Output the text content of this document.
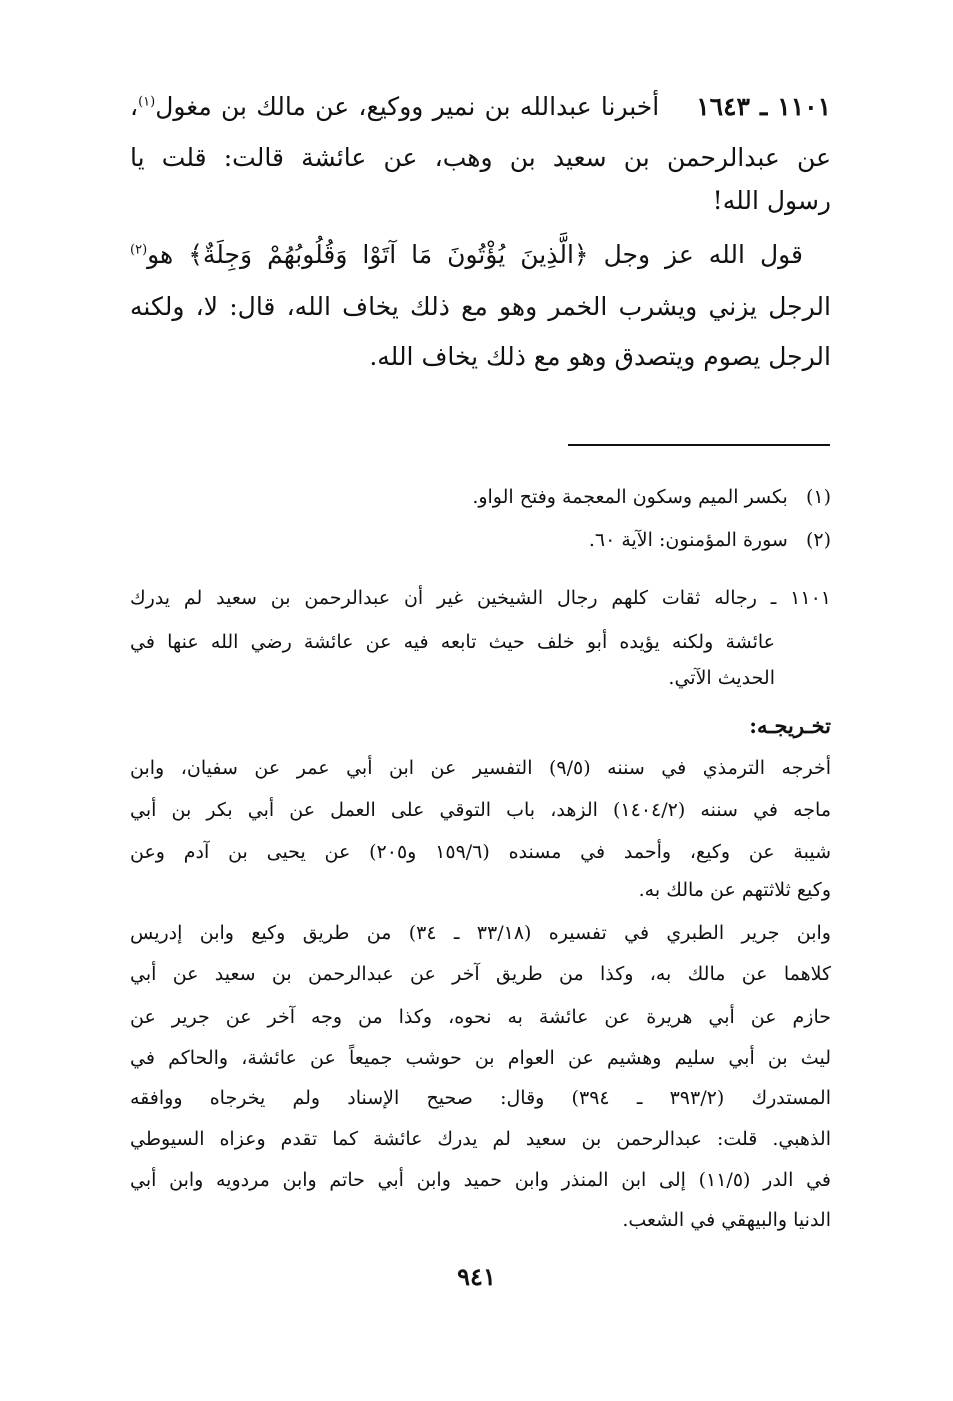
١١٠١ ـ ١٦٤٣    أخبرنا عبدالله بن نمير ووكيع، عن مالك بن مغول$^{(١)}$،
عن عبدالرحمن بن سعيد بن وهب، عن عائشة قالت: قلت يا
رسول الله!
قول الله عز وجل ﴿الَّذِينَ يُؤْتُونَ مَا آتَوْا وَقُلُوبُهُمْ وَجِلَةٌ﴾ هو$^{(٢)}$
الرجل يزني ويشرب الخمر وهو مع ذلك يخاف الله، قال: لا، ولكنه
الرجل يصوم ويتصدق وهو مع ذلك يخاف الله.
(١)   بكسر الميم وسكون المعجمة وفتح الواو.
(٢)   سورة المؤمنون: الآية ٦٠.
١١٠١ ـ رجاله ثقات كلهم رجال الشيخين غير أن عبدالرحمن بن سعيد لم يدرك
عائشة ولكنه يؤيده أبو خلف حيث تابعه فيه عن عائشة رضي الله عنها في
الحديث الآتي.
تخـريجـه:
أخرجه الترمذي في سننه (٩/٥) التفسير عن ابن أبي عمر عن سفيان، وابن
ماجه في سننه (١٤٠٤/٢) الزهد، باب التوقي على العمل عن أبي بكر بن أبي
شيبة عن وكيع، وأحمد في مسنده (١٥٩/٦ و٢٠٥) عن يحيى بن آدم وعن
وكيع ثلاثتهم عن مالك به.
وابن جرير الطبري في تفسيره (٣٣/١٨ ـ ٣٤) من طريق وكيع وابن إدريس
كلاهما عن مالك به، وكذا من طريق آخر عن عبدالرحمن بن سعيد عن أبي
حازم عن أبي هريرة عن عائشة به نحوه، وكذا من وجه آخر عن جرير عن
ليث بن أبي سليم وهشيم عن العوام بن حوشب جميعاً عن عائشة، والحاكم في
المستدرك (٣٩٣/٢ ـ ٣٩٤) وقال: صحيح الإسناد ولم يخرجاه ووافقه
الذهبي. قلت: عبدالرحمن بن سعيد لم يدرك عائشة كما تقدم وعزاه السيوطي
في الدر (١١/٥) إلى ابن المنذر وابن حميد وابن أبي حاتم وابن مردويه وابن أبي
الدنيا والبيهقي في الشعب.
٩٤١
